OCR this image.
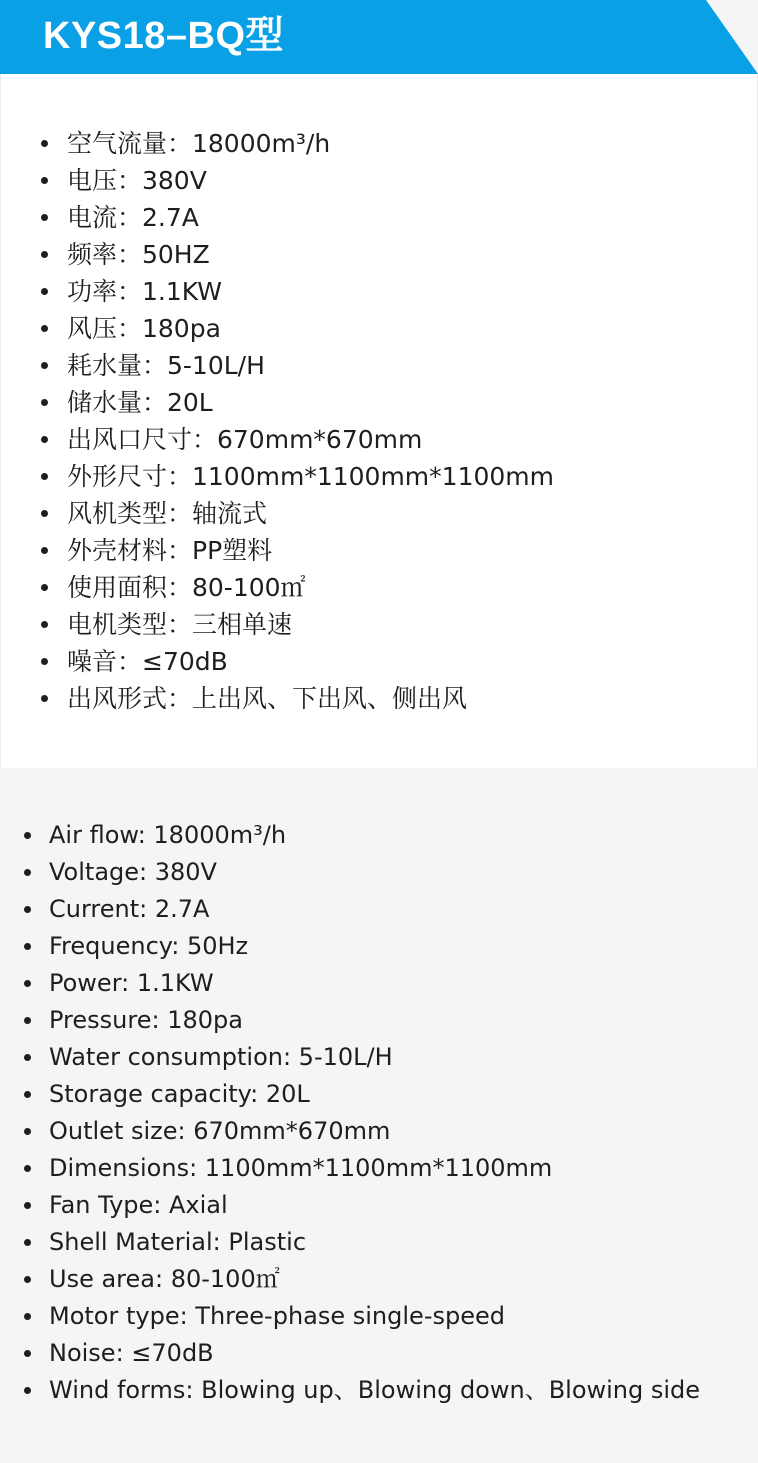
KYS18–BQ型
空气流量：18000m³/h
电压：380V
电流：2.7A
频率：50HZ
功率：1.1KW
风压：180pa
耗水量：5-10L/H
储水量：20L
出风口尺寸：670mm*670mm
外形尺寸：1100mm*1100mm*1100mm
风机类型：轴流式
外壳材料：PP塑料
使用面积：80-100㎡
电机类型：三相单速
噪音：≤70dB
出风形式：上出风、下出风、侧出风
Air flow: 18000m³/h
Voltage: 380V
Current: 2.7A
Frequency: 50Hz
Power: 1.1KW
Pressure: 180pa
Water consumption: 5-10L/H
Storage capacity: 20L
Outlet size: 670mm*670mm
Dimensions: 1100mm*1100mm*1100mm
Fan Type: Axial
Shell Material: Plastic
Use area: 80-100㎡
Motor type: Three-phase single-speed
Noise: ≤70dB
Wind forms: Blowing up、Blowing down、Blowing side
